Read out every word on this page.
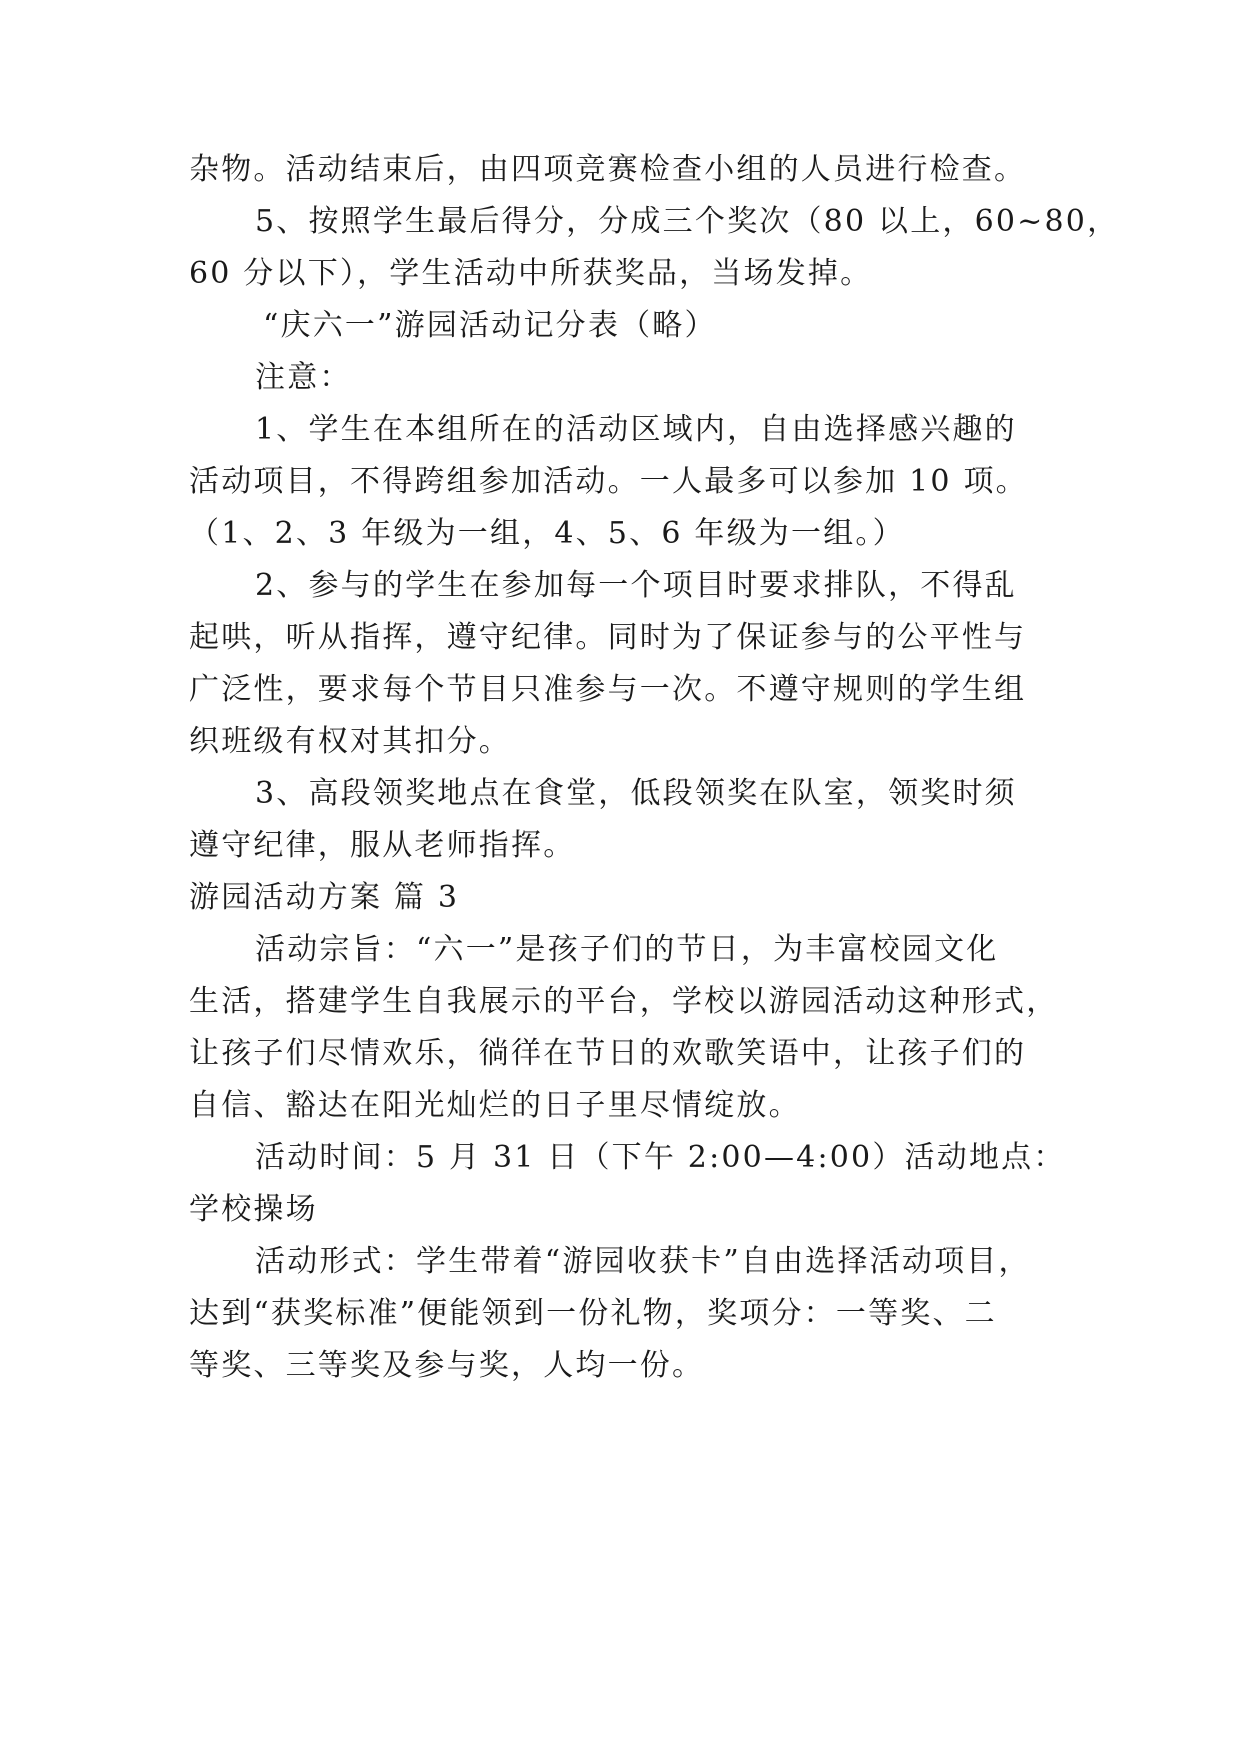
杂物。活动结束后，由四项竞赛检查小组的人员进行检查。
5、按照学生最后得分，分成三个奖次（80 以上，60~80，
60 分以下），学生活动中所获奖品，当场发掉。
“庆六一”游园活动记分表（略）
注意：
1、学生在本组所在的活动区域内，自由选择感兴趣的
活动项目，不得跨组参加活动。一人最多可以参加 10 项。
（1、2、3 年级为一组，4、5、6 年级为一组。）
2、参与的学生在参加每一个项目时要求排队，不得乱
起哄，听从指挥，遵守纪律。同时为了保证参与的公平性与
广泛性，要求每个节目只准参与一次。不遵守规则的学生组
织班级有权对其扣分。
3、高段领奖地点在食堂，低段领奖在队室，领奖时须
遵守纪律，服从老师指挥。
游园活动方案 篇 3
活动宗旨：“六一”是孩子们的节日，为丰富校园文化
生活，搭建学生自我展示的平台，学校以游园活动这种形式，
让孩子们尽情欢乐，徜徉在节日的欢歌笑语中，让孩子们的
自信、豁达在阳光灿烂的日子里尽情绽放。
活动时间：5 月 31 日（下午 2:00—4:00）活动地点：
学校操场
活动形式：学生带着“游园收获卡”自由选择活动项目，
达到“获奖标准”便能领到一份礼物，奖项分：一等奖、二
等奖、三等奖及参与奖，人均一份。
